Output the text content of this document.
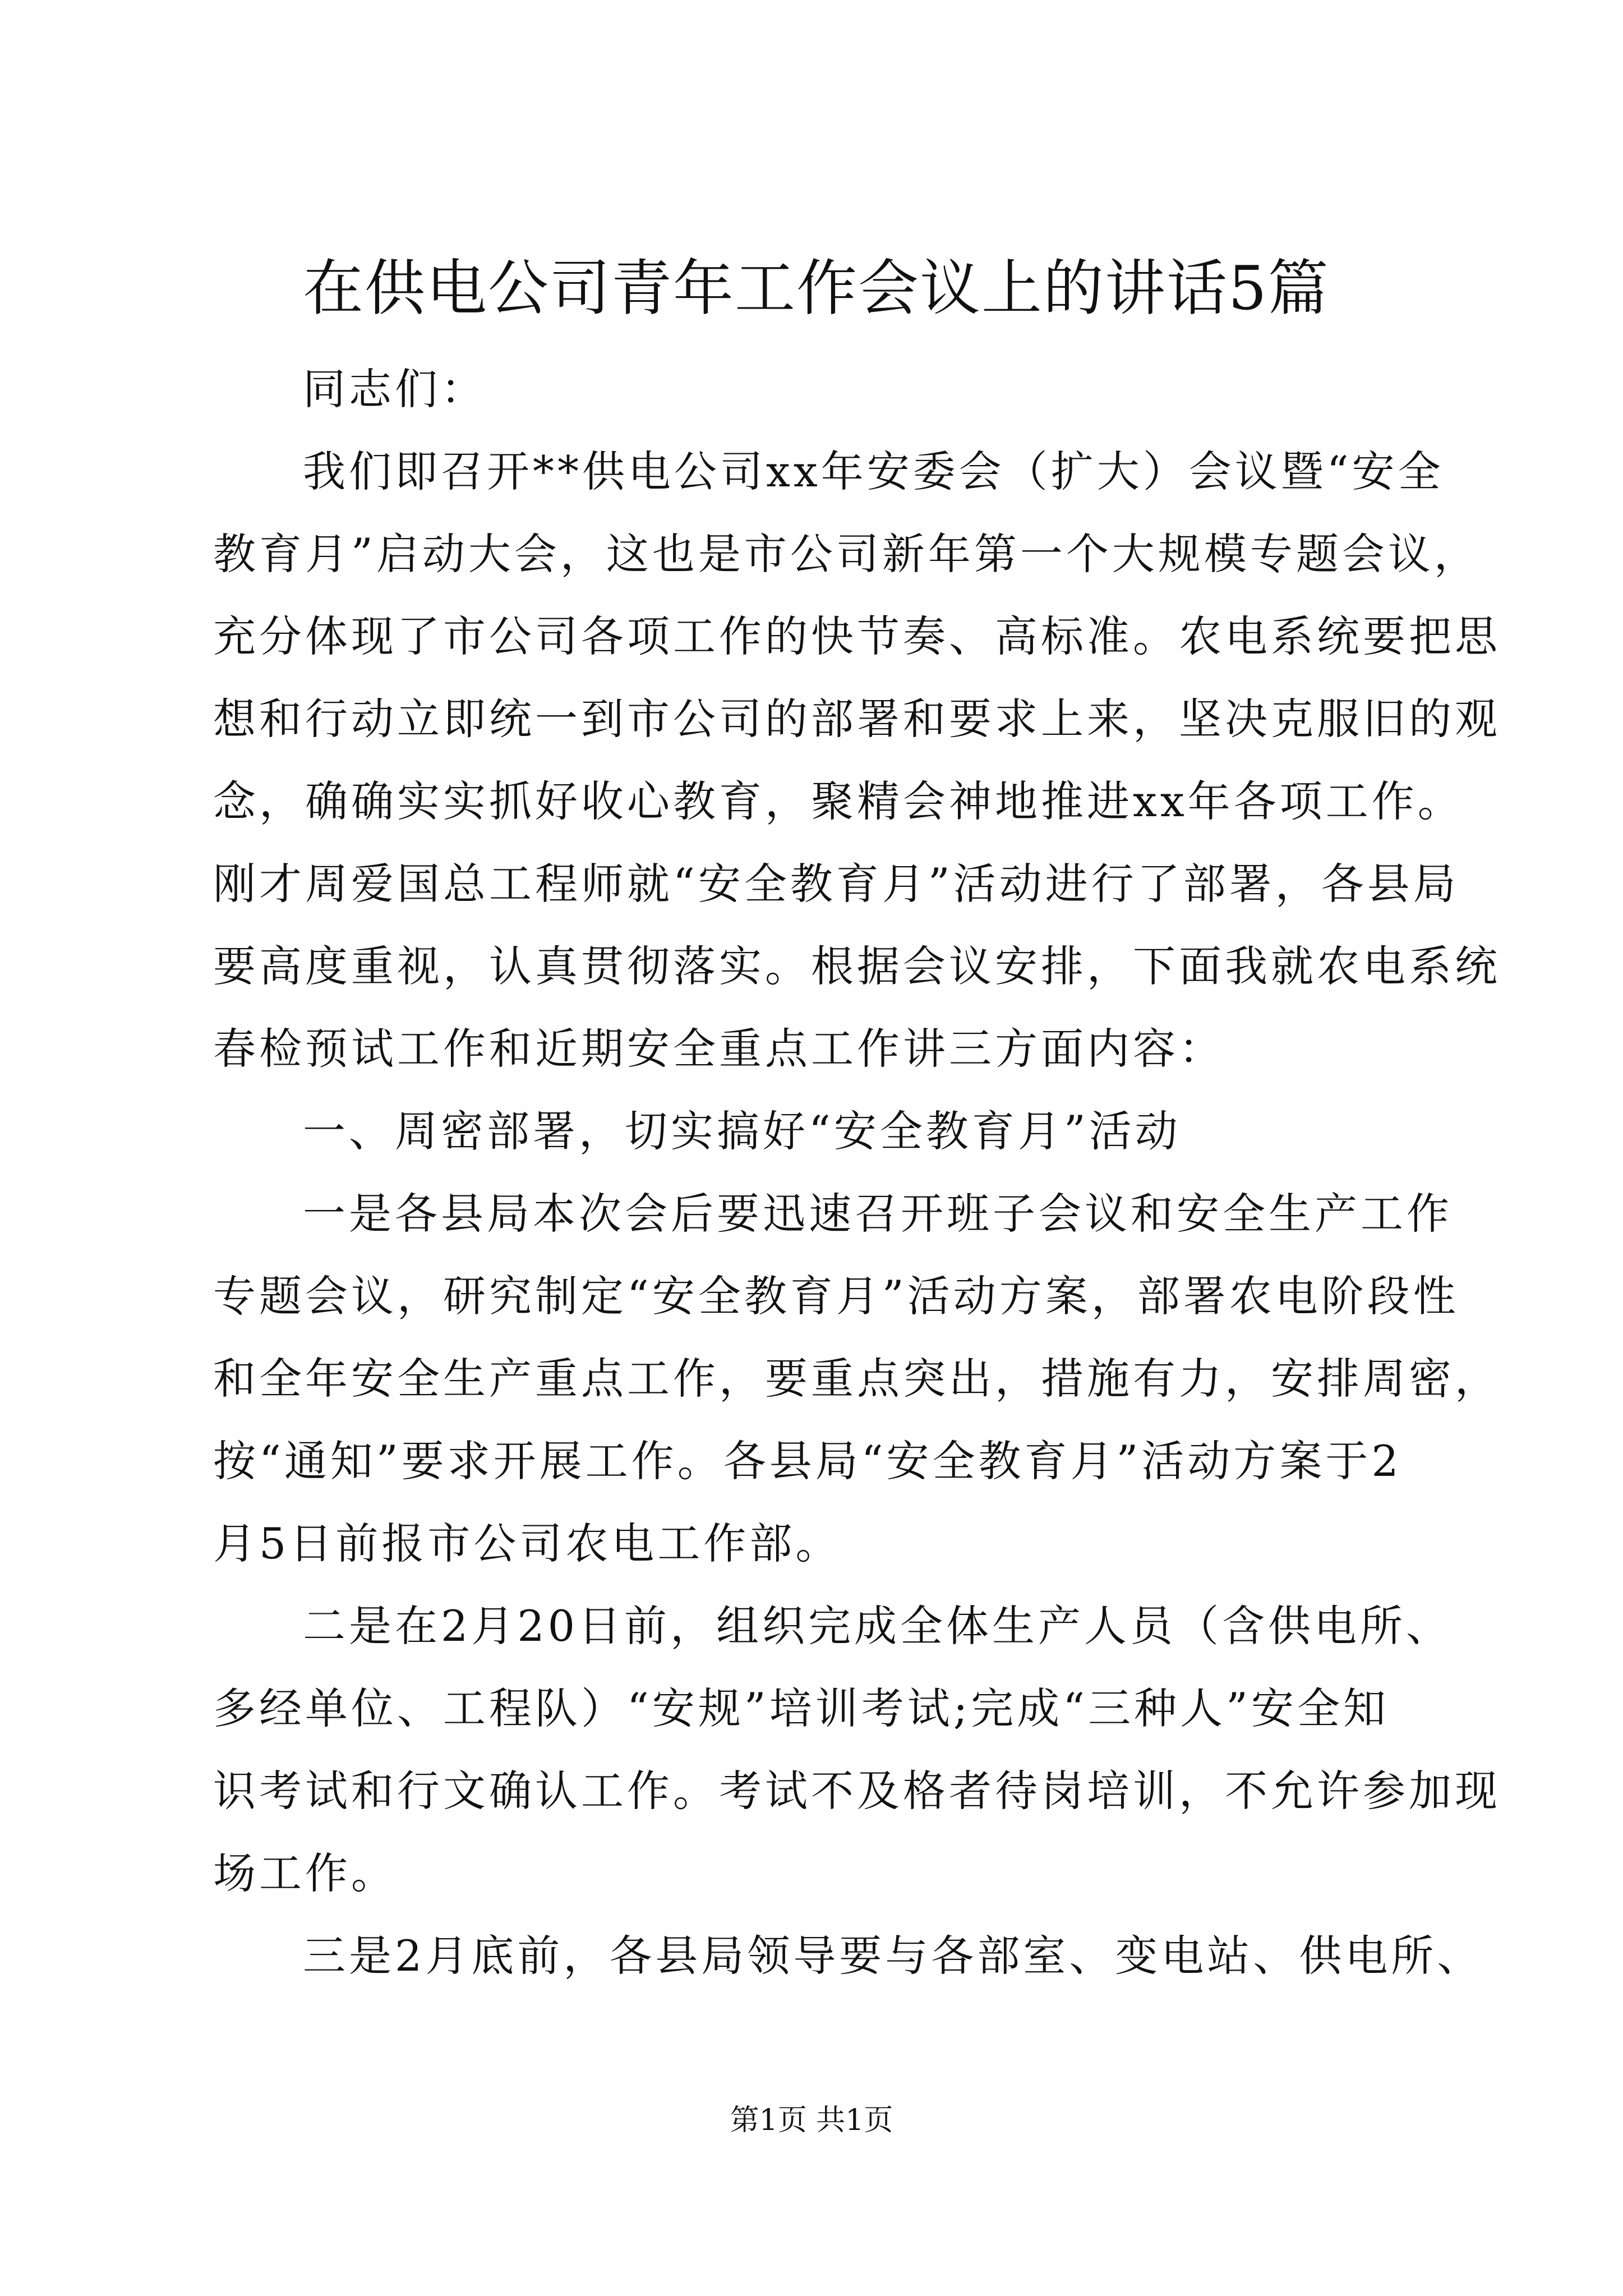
在供电公司青年工作会议上的讲话5篇
同志们：
我们即召开**供电公司xx年安委会（扩大）会议暨“安全
教育月”启动大会，这也是市公司新年第一个大规模专题会议，
充分体现了市公司各项工作的快节奏、高标准。农电系统要把思
想和行动立即统一到市公司的部署和要求上来，坚决克服旧的观
念，确确实实抓好收心教育，聚精会神地推进xx年各项工作。
刚才周爱国总工程师就“安全教育月”活动进行了部署，各县局
要高度重视，认真贯彻落实。根据会议安排，下面我就农电系统
春检预试工作和近期安全重点工作讲三方面内容：
一、周密部署，切实搞好“安全教育月”活动
一是各县局本次会后要迅速召开班子会议和安全生产工作
专题会议，研究制定“安全教育月”活动方案，部署农电阶段性
和全年安全生产重点工作，要重点突出，措施有力，安排周密，
按“通知”要求开展工作。各县局“安全教育月”活动方案于2
月5日前报市公司农电工作部。
二是在2月20日前，组织完成全体生产人员（含供电所、
多经单位、工程队）“安规”培训考试;完成“三种人”安全知
识考试和行文确认工作。考试不及格者待岗培训，不允许参加现
场工作。
三是2月底前，各县局领导要与各部室、变电站、供电所、
第1页 共1页
